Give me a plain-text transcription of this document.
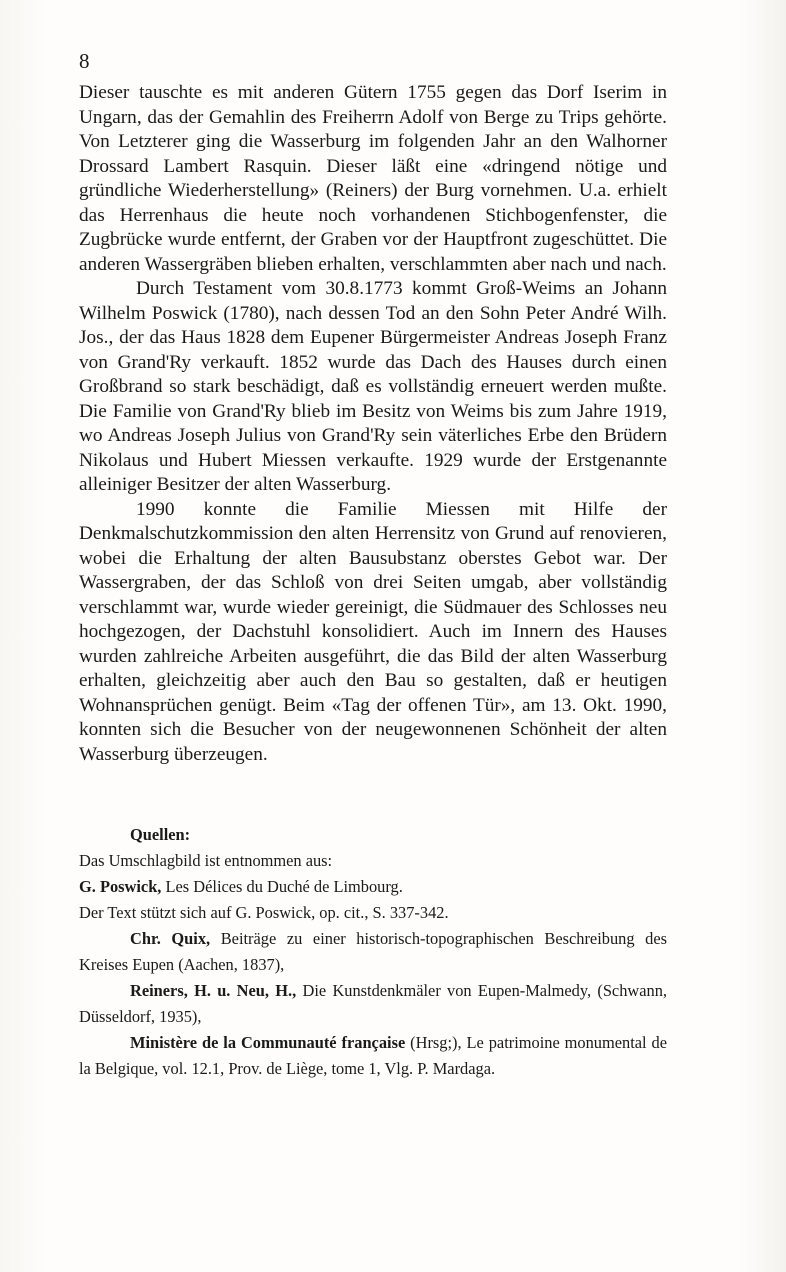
8

Dieser tauschte es mit anderen Gütern 1755 gegen das Dorf Iserim in Ungarn, das der Gemahlin des Freiherrn Adolf von Berge zu Trips gehörte. Von Letzterer ging die Wasserburg im folgenden Jahr an den Walhorner Drossard Lambert Rasquin. Dieser läßt eine «dringend nötige und gründliche Wiederherstellung» (Reiners) der Burg vornehmen. U.a. erhielt das Herrenhaus die heute noch vorhandenen Stichbogenfenster, die Zugbrücke wurde entfernt, der Graben vor der Hauptfront zugeschüttet. Die anderen Wassergräben blieben erhalten, verschlammten aber nach und nach.

Durch Testament vom 30.8.1773 kommt Groß-Weims an Johann Wilhelm Poswick (1780), nach dessen Tod an den Sohn Peter André Wilh. Jos., der das Haus 1828 dem Eupener Bürgermeister Andreas Joseph Franz von Grand'Ry verkauft. 1852 wurde das Dach des Hauses durch einen Großbrand so stark beschädigt, daß es vollständig erneuert werden mußte. Die Familie von Grand'Ry blieb im Besitz von Weims bis zum Jahre 1919, wo Andreas Joseph Julius von Grand'Ry sein väterliches Erbe den Brüdern Nikolaus und Hubert Miessen verkaufte. 1929 wurde der Erstgenannte alleiniger Besitzer der alten Wasserburg.

1990 konnte die Familie Miessen mit Hilfe der Denkmalschutzkommission den alten Herrensitz von Grund auf renovieren, wobei die Erhaltung der alten Bausubstanz oberstes Gebot war. Der Wassergraben, der das Schloß von drei Seiten umgab, aber vollständig verschlammt war, wurde wieder gereinigt, die Südmauer des Schlosses neu hochgezogen, der Dachstuhl konsolidiert. Auch im Innern des Hauses wurden zahlreiche Arbeiten ausgeführt, die das Bild der alten Wasserburg erhalten, gleichzeitig aber auch den Bau so gestalten, daß er heutigen Wohnansprüchen genügt. Beim «Tag der offenen Tür», am 13. Okt. 1990, konnten sich die Besucher von der neugewonnenen Schönheit der alten Wasserburg überzeugen.

Quellen:

Das Umschlagbild ist entnommen aus:

G. Poswick, Les Délices du Duché de Limbourg.

Der Text stützt sich auf G. Poswick, op. cit., S. 337-342.

Chr. Quix, Beiträge zu einer historisch-topographischen Beschreibung des Kreises Eupen (Aachen, 1837),

Reiners, H. u. Neu, H., Die Kunstdenkmäler von Eupen-Malmedy, (Schwann, Düsseldorf, 1935),

Ministère de la Communauté française (Hrsg;), Le patrimoine monumental de la Belgique, vol. 12.1, Prov. de Liège, tome 1, Vlg. P. Mardaga.
